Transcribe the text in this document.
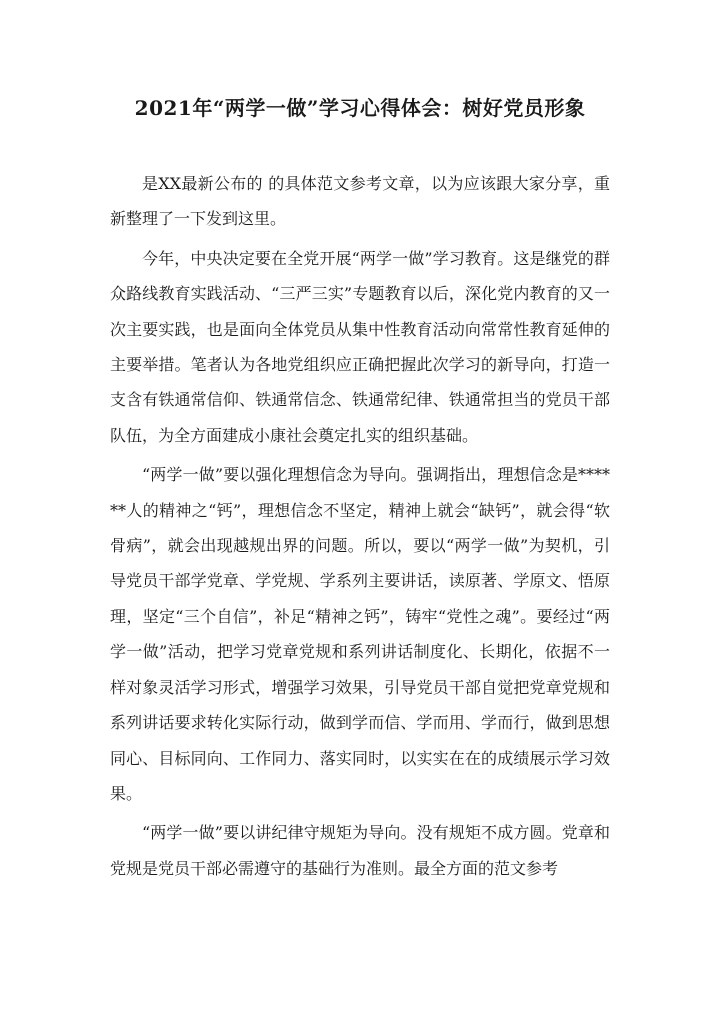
2021年“两学一做”学习心得体会：树好党员形象

是XX最新公布的 的具体范文参考文章，以为应该跟大家分享，重新整理了一下发到这里。

今年，中央决定要在全党开展“两学一做”学习教育。这是继党的群众路线教育实践活动、“三严三实”专题教育以后，深化党内教育的又一次主要实践，也是面向全体党员从集中性教育活动向常常性教育延伸的主要举措。笔者认为各地党组织应正确把握此次学习的新导向，打造一支含有铁通常信仰、铁通常信念、铁通常纪律、铁通常担当的党员干部队伍，为全方面建成小康社会奠定扎实的组织基础。

“两学一做”要以强化理想信念为导向。强调指出，理想信念是******人的精神之“钙”，理想信念不坚定，精神上就会“缺钙”，就会得“软骨病”，就会出现越规出界的问题。所以，要以“两学一做”为契机，引导党员干部学党章、学党规、学系列主要讲话，读原著、学原文、悟原理，坚定“三个自信”，补足“精神之钙”，铸牢“党性之魂”。要经过“两学一做”活动，把学习党章党规和系列讲话制度化、长期化，依据不一样对象灵活学习形式，增强学习效果，引导党员干部自觉把党章党规和系列讲话要求转化实际行动，做到学而信、学而用、学而行，做到思想同心、目标同向、工作同力、落实同时，以实实在在的成绩展示学习效果。

“两学一做”要以讲纪律守规矩为导向。没有规矩不成方圆。党章和党规是党员干部必需遵守的基础行为准则。最全方面的范文参考
